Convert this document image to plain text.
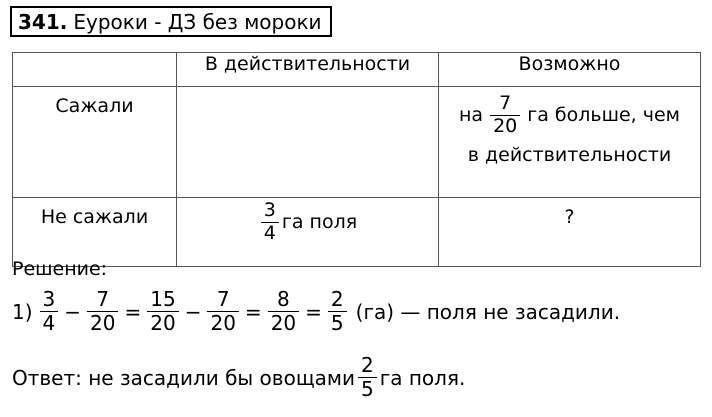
341. Еуроки - ДЗ без мороки
	В действительности	Возможно
Сажали		на $\frac{7}{20}$ га больше, чем
в действительности

Не сажали	$\frac{3}{4}$ га поля	?
Решение:
$1) \frac{3}{4} - \frac{7}{20} = \frac{15}{20} - \frac{7}{20} = \frac{8}{20} = \frac{2}{5} (га)$ — поля не засадили.
Ответ: не засадили бы овощами $\frac{2}{5}$ га поля.
